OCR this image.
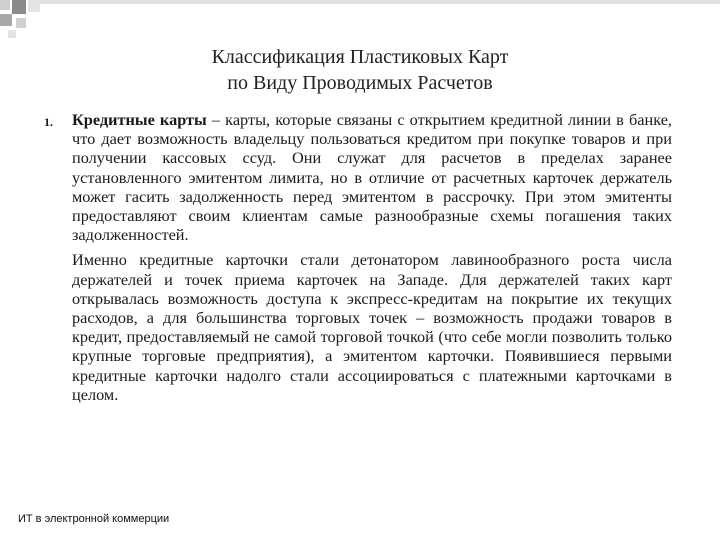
Классификация Пластиковых Карт
по Виду Проводимых Расчетов
1. Кредитные карты – карты, которые связаны с открытием кредитной линии в банке, что дает возможность владельцу пользоваться кредитом при покупке товаров и при получении кассовых ссуд. Они служат для расчетов в пределах заранее установленного эмитентом лимита, но в отличие от расчетных карточек держатель может гасить задолженность перед эмитентом в рассрочку. При этом эмитенты предоставляют своим клиентам самые разнообразные схемы погашения таких задолженностей.

Именно кредитные карточки стали детонатором лавинообразного роста числа держателей и точек приема карточек на Западе. Для держателей таких карт открывалась возможность доступа к экспресс-кредитам на покрытие их текущих расходов, а для большинства торговых точек – возможность продажи товаров в кредит, предоставляемый не самой торговой точкой (что себе могли позволить только крупные торговые предприятия), а эмитентом карточки. Появившиеся первыми кредитные карточки надолго стали ассоциироваться с платежными карточками в целом.

ИТ в электронной коммерции
